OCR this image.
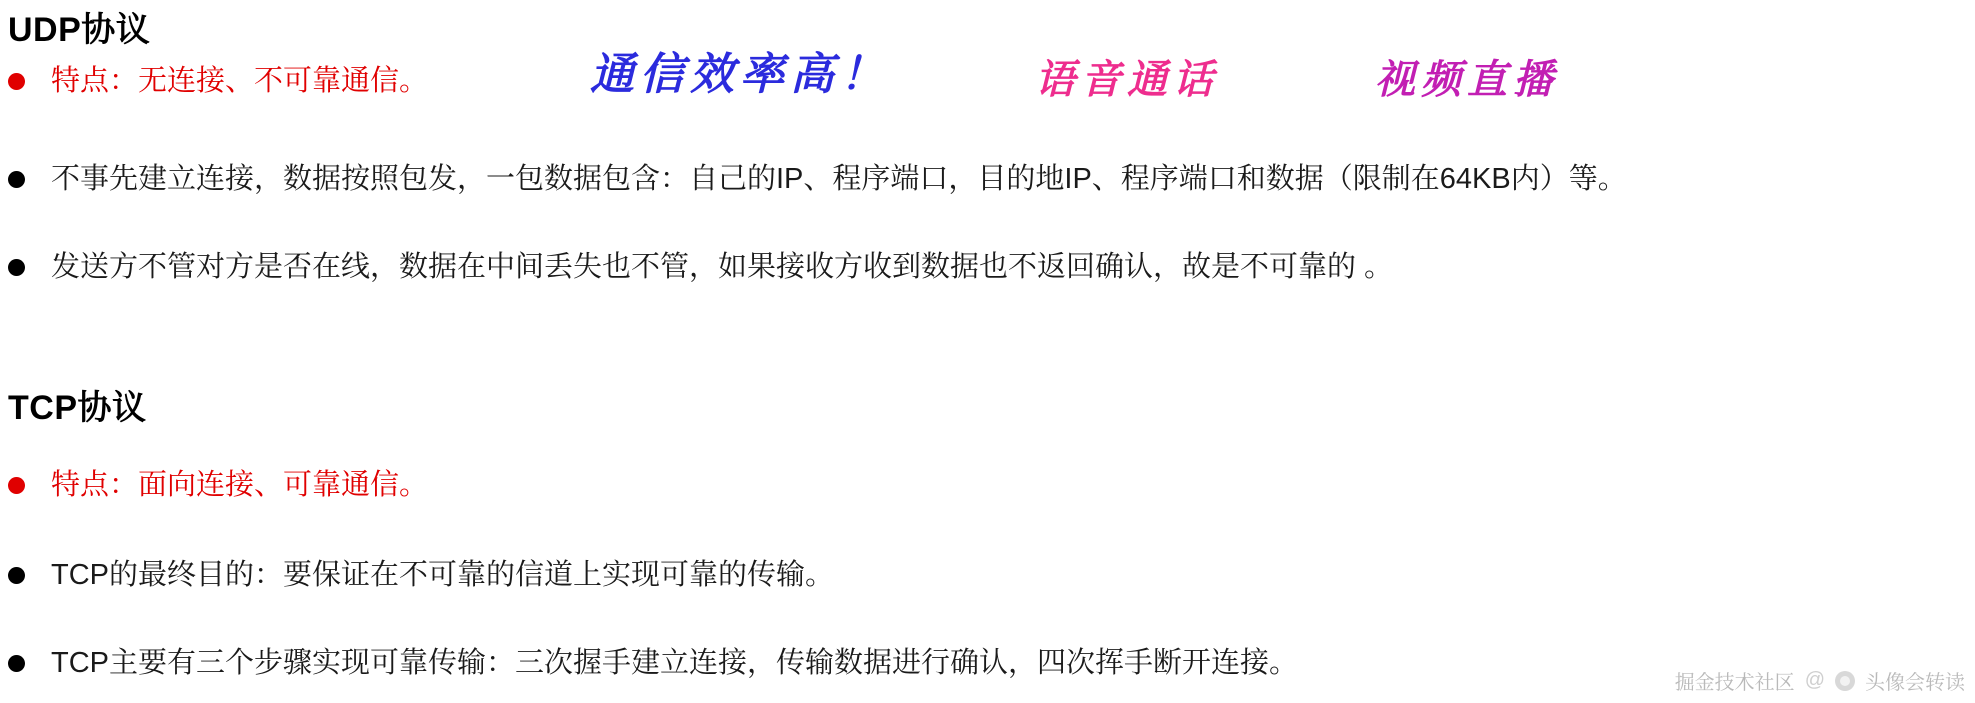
UDP协议
特点：无连接、不可靠通信。
不事先建立连接，数据按照包发，一包数据包含：自己的IP、程序端口，目的地IP、程序端口和数据（限制在64KB内）等。
发送方不管对方是否在线，数据在中间丢失也不管，如果接收方收到数据也不返回确认，故是不可靠的 。
通信效率高！	语音通话	视频直播
TCP协议
特点：面向连接、可靠通信。
TCP的最终目的：要保证在不可靠的信道上实现可靠的传输。
TCP主要有三个步骤实现可靠传输：三次握手建立连接，传输数据进行确认，四次挥手断开连接。
掘金技术社区 @ 头像会转读
